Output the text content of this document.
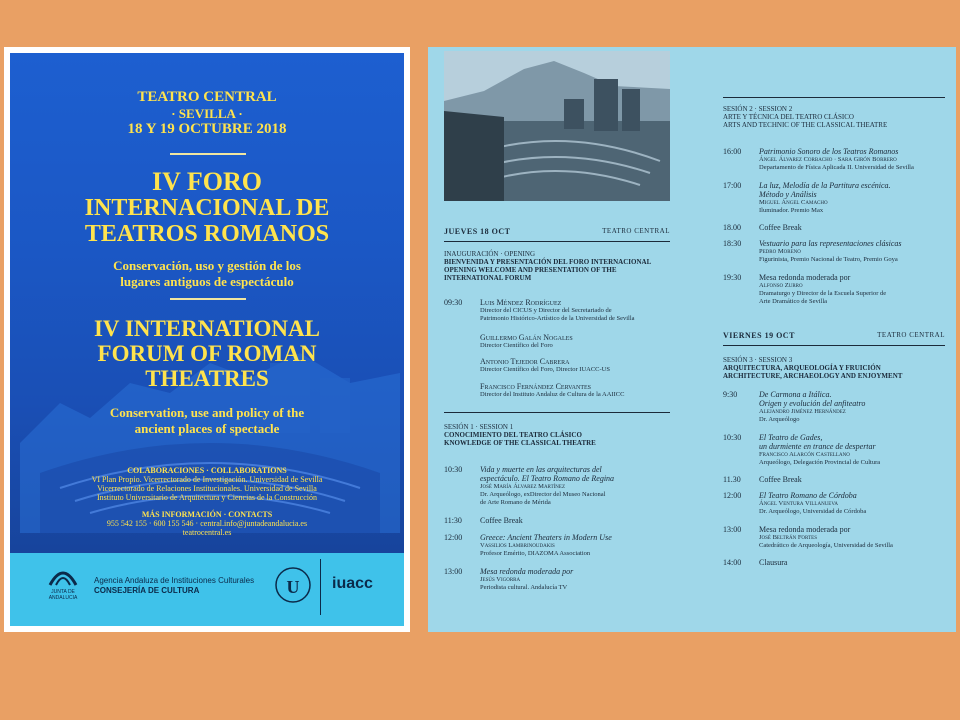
TEATRO CENTRAL
· SEVILLA ·
18 Y 19 OCTUBRE 2018
IV FORO
INTERNACIONAL DE
TEATROS ROMANOS
Conservación, uso y gestión de los
lugares antiguos de espectáculo
IV INTERNATIONAL
FORUM OF ROMAN
THEATRES
Conservation, use and policy of the
ancient places of spectacle
COLABORACIONES · COLLABORATIONS
VI Plan Propio. Vicerrectorado de Investigación. Universidad de Sevilla
Vicerrectorado de Relaciones Institucionales. Universidad de Sevilla
Instituto Universitario de Arquitectura y Ciencias de la Construcción
MÁS INFORMACIÓN · CONTACTS
955 542 155 · 600 155 546 · central.info@juntadeandalucia.es
teatrocentral.es
JUNTA DE ANDALUCIA
Agencia Andaluza de Instituciones Culturales
CONSEJERÍA DE CULTURA	U iuacc
JUEVES 18 OCT	TEATRO CENTRAL
INAUGURACIÓN · OPENING
BIENVENIDA Y PRESENTACIÓN DEL FORO INTERNACIONAL
OPENING WELCOME AND PRESENTATION OF THE
INTERNATIONAL FORUM
09:30 Luis Méndez Rodríguez
Director del CICUS y Director del Secretariado de
Patrimonio Histórico-Artístico de la Universidad de Sevilla
Guillermo Galán Nogales
Director Científico del Foro
Antonio Tejedor Cabrera
Director Científico del Foro, Director IUACC-US
Francisco Fernández Cervantes
Director del Instituto Andaluz de Cultura de la AAIICC
SESIÓN 1 · SESSION 1
CONOCIMIENTO DEL TEATRO CLÁSICO
KNOWLEDGE OF THE CLASSICAL THEATRE
10:30 Vida y muerte en las arquitecturas del
espectáculo. El Teatro Romano de Regina
José María Álvarez Martínez
Dr. Arqueólogo, exDirector del Museo Nacional
de Arte Romano de Mérida
11:30 Coffee Break
12:00 Greece: Ancient Theaters in Modern Use
Vassilios Lambrinoudakis
Profesor Emérito, DIAZOMA Association
13:00 Mesa redonda moderada por
Jesús Vigorra
Periodista cultural. Andalucía TV
SESIÓN 2 · SESSION 2
ARTE Y TÉCNICA DEL TEATRO CLÁSICO
ARTS AND TECHNIC OF THE CLASSICAL THEATRE
16:00 Patrimonio Sonoro de los Teatros Romanos
Ángel Álvarez Corbacho · Sara Girón Borrero
Departamento de Física Aplicada II. Universidad de Sevilla
17:00 La luz, Melodía de la Partitura escénica.
Método y Análisis
Miguel Ángel Camacho
Iluminador. Premio Max
18.00 Coffee Break
18:30 Vestuario para las representaciones clásicas
Pedro Moreno
Figurinista, Premio Nacional de Teatro, Premio Goya
19:30 Mesa redonda moderada por
Alfonso Zurro
Dramaturgo y Director de la Escuela Superior de
Arte Dramático de Sevilla
VIERNES 19 OCT	TEATRO CENTRAL
SESIÓN 3 · SESSION 3
ARQUITECTURA, ARQUEOLOGÍA Y FRUICIÓN
ARCHITECTURE, ARCHAEOLOGY AND ENJOYMENT
9:30	De Carmona a Itálica.
Origen y evolución del anfiteatro
Alejandro Jiménez Hernández
Dr. Arqueólogo
10:30 El Teatro de Gades,
un durmiente en trance de despertar
Francisco Alarcón Castellano
Arqueólogo, Delegación Provincial de Cultura
11.30 Coffee Break
12:00 El Teatro Romano de Córdoba
Ángel Ventura Villanueva
Dr. Arqueólogo, Universidad de Córdoba
13:00 Mesa redonda moderada por
José Beltrán Fortes
Catedrático de Arqueología, Universidad de Sevilla
14:00 Clausura
